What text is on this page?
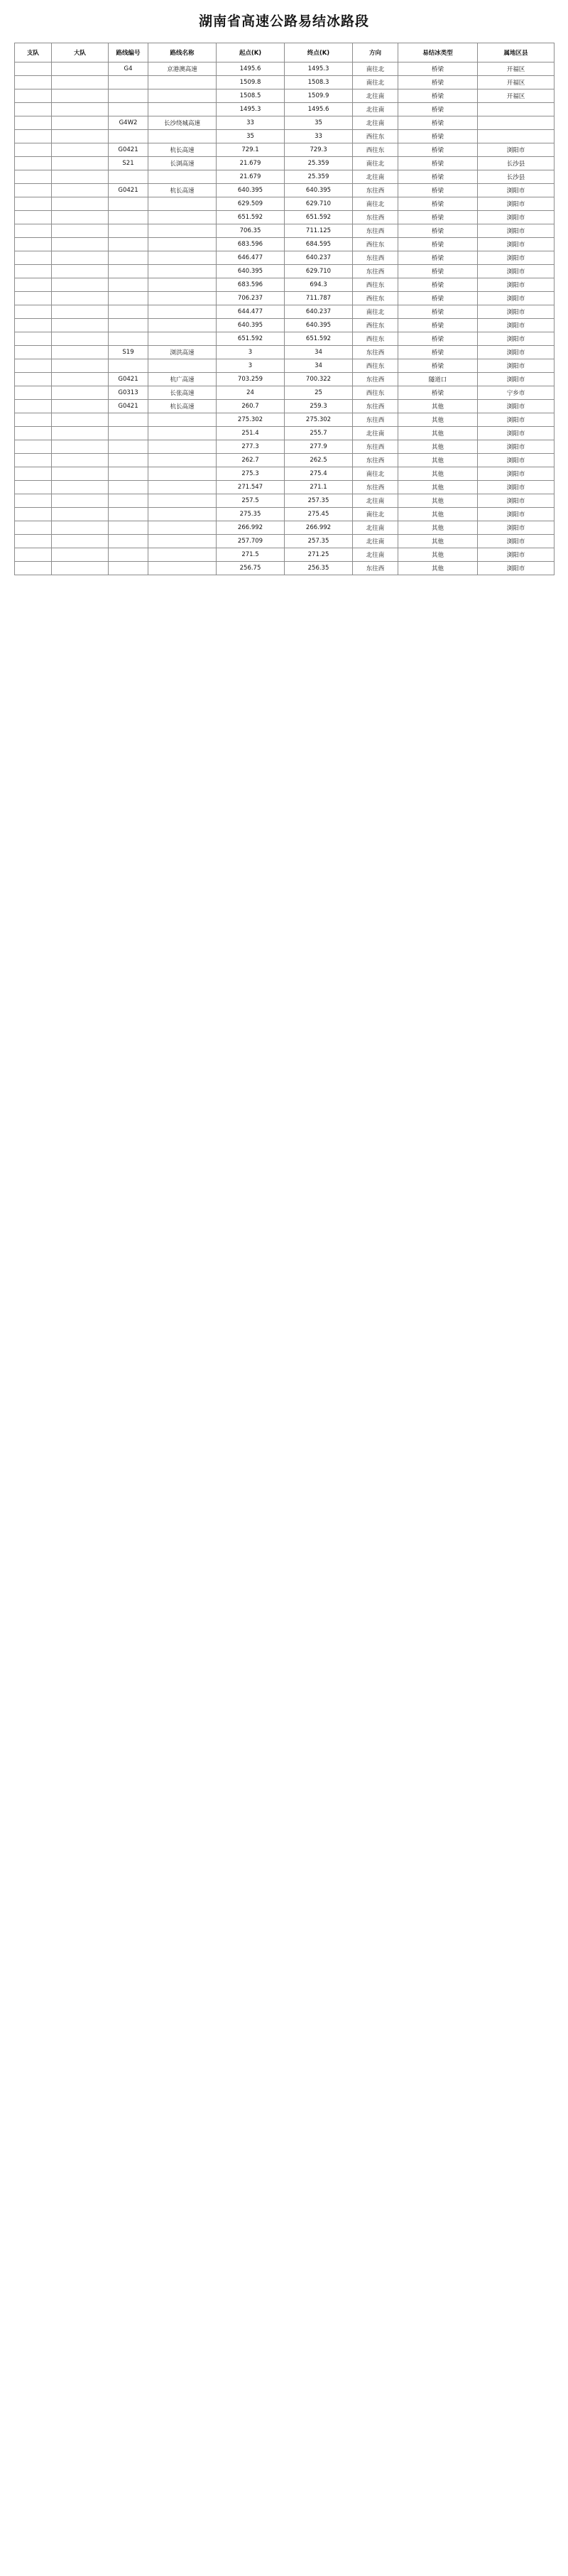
湖南省高速公路易结冰路段
支队	大队	路线编号	路线名称	起点(K)	终点(K)	方向	易结冰类型	属地区县
		G4	京港澳高速	1495.6	1495.3	南往北	桥梁	开福区
				1509.8	1508.3	南往北	桥梁	开福区
				1508.5	1509.9	北往南	桥梁	开福区
				1495.3	1495.6	北往南	桥梁	
		G4W2	长沙绕城高速	33	35	北往南	桥梁	
				35	33	西往东	桥梁	
		G0421	杭长高速	729.1	729.3	西往东	桥梁	浏阳市
		S21	长浏高速	21.679	25.359	南往北	桥梁	长沙县
				21.679	25.359	北往南	桥梁	长沙县
		G0421	杭长高速	640.395	640.395	东往西	桥梁	浏阳市
				629.509	629.710	南往北	桥梁	浏阳市
				651.592	651.592	东往西	桥梁	浏阳市
				706.35	711.125	东往西	桥梁	浏阳市
				683.596	684.595	西往东	桥梁	浏阳市
				646.477	640.237	东往西	桥梁	浏阳市
				640.395	629.710	东往西	桥梁	浏阳市
				683.596	694.3	西往东	桥梁	浏阳市
				706.237	711.787	西往东	桥梁	浏阳市
				644.477	640.237	南往北	桥梁	浏阳市
				640.395	640.395	西往东	桥梁	浏阳市
				651.592	651.592	西往东	桥梁	浏阳市
		S19	浏洪高速	3	34	东往西	桥梁	浏阳市
				3	34	西往东	桥梁	浏阳市
		G0421	杭广高速	703.259	700.322	东往西	隧道口	浏阳市
		G0313	长张高速	24	25	西往东	桥梁	宁乡市
		G0421	杭长高速	260.7	259.3	东往西	其他	浏阳市
				275.302	275.302	东往西	其他	浏阳市
				251.4	255.7	北往南	其他	浏阳市
				277.3	277.9	东往西	其他	浏阳市
				262.7	262.5	东往西	其他	浏阳市
				275.3	275.4	南往北	其他	浏阳市
				271.547	271.1	东往西	其他	浏阳市
				257.5	257.35	北往南	其他	浏阳市
				275.35	275.45	南往北	其他	浏阳市
				266.992	266.992	北往南	其他	浏阳市
				257.709	257.35	北往南	其他	浏阳市
				271.5	271.25	北往南	其他	浏阳市
				256.75	256.35	东往西	其他	浏阳市
